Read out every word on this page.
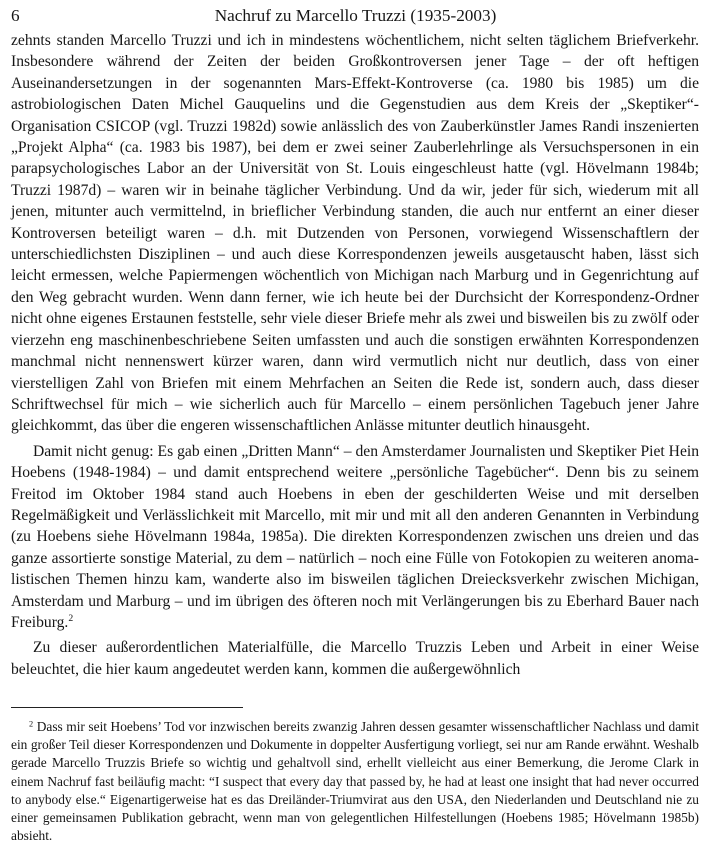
6	Nachruf zu Marcello Truzzi (1935-2003)

zehnts standen Marcello Truzzi und ich in mindestens wöchentlichem, nicht selten täglichem Briefverkehr. Insbesondere während der Zeiten der beiden Großkontroversen jener Tage – der oft heftigen Auseinandersetzungen in der sogenannten Mars-Effekt-Kontroverse (ca. 1980 bis 1985) um die astrobiologischen Daten Michel Gauquelins und die Gegenstudien aus dem Kreis der „Skeptiker“-Organisation CSICOP (vgl. Truzzi 1982d) sowie anlässlich des von Zauberkünstler James Randi inszenierten „Projekt Alpha“ (ca. 1983 bis 1987), bei dem er zwei seiner Zauberlehrlinge als Versuchspersonen in ein parapsychologisches Labor an der Universität von St. Louis eingeschleust hatte (vgl. Hövelmann 1984b; Truzzi 1987d) – waren wir in beinahe täglicher Verbindung. Und da wir, jeder für sich, wiederum mit all jenen, mitunter auch vermittelnd, in brieflicher Verbindung standen, die auch nur entfernt an einer dieser Kontroversen beteiligt waren – d.h. mit Dutzenden von Personen, vorwiegend Wissenschaftlern der unterschiedlichsten Disziplinen – und auch diese Korrespondenzen jeweils ausgetauscht haben, lässt sich leicht ermessen, welche Papiermengen wöchentlich von Michigan nach Marburg und in Gegenrichtung auf den Weg gebracht wurden. Wenn dann ferner, wie ich heute bei der Durchsicht der Korrespondenz-Ordner nicht ohne eigenes Erstaunen feststelle, sehr viele dieser Briefe mehr als zwei und bisweilen bis zu zwölf oder vierzehn eng maschinenbeschriebene Seiten umfassten und auch die sonstigen erwähnten Korrespondenzen manchmal nicht nennenswert kürzer waren, dann wird vermutlich nicht nur deutlich, dass von einer vierstelligen Zahl von Briefen mit einem Mehrfachen an Seiten die Rede ist, sondern auch, dass dieser Schriftwechsel für mich – wie sicherlich auch für Marcello – einem persönlichen Tagebuch jener Jahre gleichkommt, das über die engeren wissenschaftlichen Anlässe mitunter deutlich hinausgeht.

Damit nicht genug: Es gab einen „Dritten Mann“ – den Amsterdamer Journalisten und Skeptiker Piet Hein Hoebens (1948-1984) – und damit entsprechend weitere „persönliche Tagebücher“. Denn bis zu seinem Freitod im Oktober 1984 stand auch Hoebens in eben der geschilderten Weise und mit derselben Regelmäßigkeit und Verlässlichkeit mit Marcello, mit mir und mit all den anderen Genannten in Verbindung (zu Hoebens siehe Hövelmann 1984a, 1985a). Die direkten Korrespondenzen zwischen uns dreien und das ganze assortierte sonstige Material, zu dem – natürlich – noch eine Fülle von Fotokopien zu weiteren anomalistischen Themen hinzu kam, wanderte also im bisweilen täglichen Dreiecksverkehr zwischen Michigan, Amsterdam und Marburg – und im übrigen des öfteren noch mit Verlängerungen bis zu Eberhard Bauer nach Freiburg.$^2$

Zu dieser außerordentlichen Materialfülle, die Marcello Truzzis Leben und Arbeit in einer Weise beleuchtet, die hier kaum angedeutet werden kann, kommen die außergewöhnlich

$^2$ Dass mir seit Hoebens’ Tod vor inzwischen bereits zwanzig Jahren dessen gesamter wissenschaftlicher Nachlass und damit ein großer Teil dieser Korrespondenzen und Dokumente in doppelter Ausfertigung vorliegt, sei nur am Rande erwähnt. Weshalb gerade Marcello Truzzis Briefe so wichtig und gehaltvoll sind, erhellt vielleicht aus einer Bemerkung, die Jerome Clark in einem Nachruf fast beiläufig macht: “I suspect that every day that passed by, he had at least one insight that had never occurred to anybody else.“ Eigenartigerweise hat es das Dreiländer-Triumvirat aus den USA, den Niederlanden und Deutschland nie zu einer gemeinsamen Publikation gebracht, wenn man von gelegentlichen Hilfestellungen (Hoebens 1985; Hövelmann 1985b) absieht.
